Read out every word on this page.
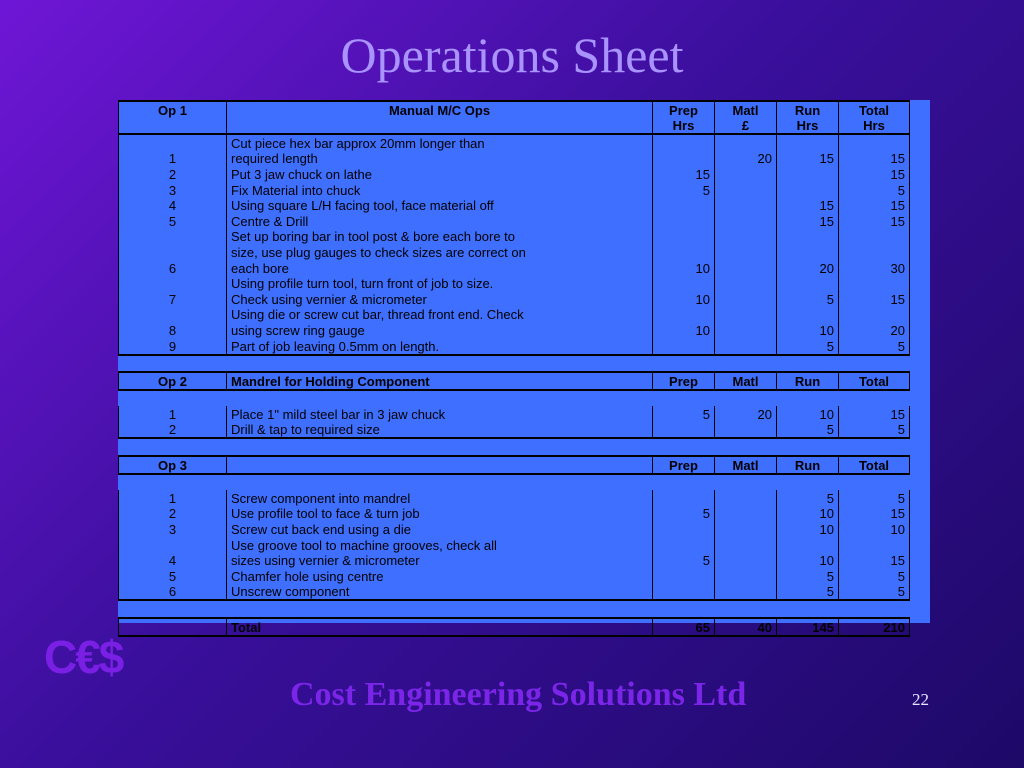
Operations Sheet
Op 1	Manual M/C Ops	Prep	Matl	Run	Total
		Hrs	£	Hrs	Hrs
	Cut piece hex bar approx 20mm longer than				
1	required length		20	15	15
2	Put 3 jaw chuck on lathe	15			15
3	Fix Material into chuck	5			5
4	Using square L/H facing tool, face material off			15	15
5	Centre & Drill			15	15
	Set up boring bar in tool post & bore each bore to				
	size, use plug gauges to check sizes are correct on				
6	each bore	10		20	30
	Using profile turn tool, turn front of job to size.				
7	Check using vernier & micrometer	10		5	15
	Using die or screw cut bar, thread front end. Check				
8	using screw ring gauge	10		10	20
9	Part of job leaving 0.5mm on length.			5	5

Op 2	Mandrel for Holding Component	Prep	Matl	Run	Total

1	Place 1" mild steel bar in 3 jaw chuck	5	20	10	15
2	Drill & tap to required size			5	5

Op 3		Prep	Matl	Run	Total

1	Screw component into mandrel			5	5
2	Use profile tool to face & turn job	5		10	15
3	Screw cut back end using a die			10	10
	Use groove tool to machine grooves, check all				
4	sizes using vernier & micrometer	5		10	15
5	Chamfer hole using centre			5	5
6	Unscrew component			5	5

	Total	65	40	145	210
C€$
Cost Engineering Solutions Ltd	22
